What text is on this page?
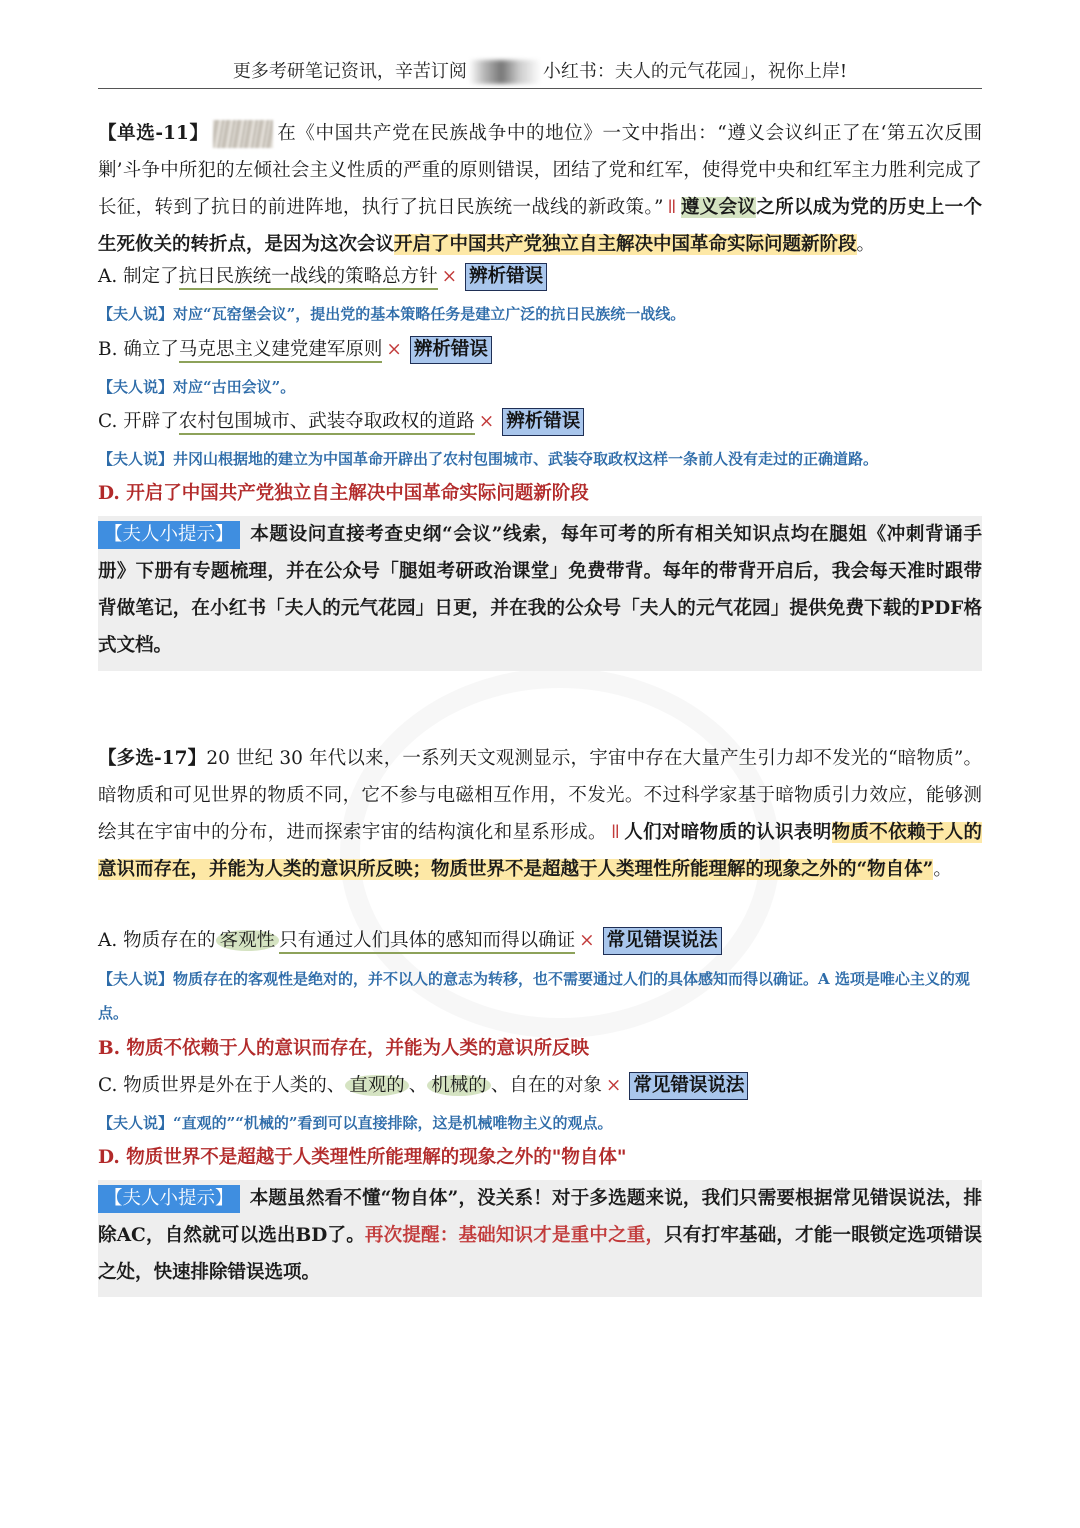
更多考研笔记资讯，辛苦订阅	小红书：夫人的元气花园」，祝你上岸!
【单选-11】	在《中国共产党在民族战争中的地位》一文中指出：“遵义会议纠正了在‘第五次反围剿’斗争中所犯的左倾社会主义性质的严重的原则错误，团结了党和红军，使得党中央和红军主力胜利完成了长征，转到了抗日的前进阵地，执行了抗日民族统一战线的新政策。” ǁ 遵义会议之所以成为党的历史上一个生死攸关的转折点，是因为这次会议开启了中国共产党独立自主解决中国革命实际问题新阶段。
A. 制定了抗日民族统一战线的策略总方针 × 辨析错误
【夫人说】对应“瓦窑堡会议”，提出党的基本策略任务是建立广泛的抗日民族统一战线。
B. 确立了马克思主义建党建军原则 × 辨析错误
【夫人说】对应“古田会议”。
C. 开辟了农村包围城市、武装夺取政权的道路 × 辨析错误
【夫人说】井冈山根据地的建立为中国革命开辟出了农村包围城市、武装夺取政权这样一条前人没有走过的正确道路。
D. 开启了中国共产党独立自主解决中国革命实际问题新阶段
【夫人小提示】 本题设问直接考查史纲“会议”线索，每年可考的所有相关知识点均在腿姐《冲刺背诵手册》下册有专题梳理，并在公众号「腿姐考研政治课堂」免费带背。每年的带背开启后，我会每天准时跟带背做笔记，在小红书「夫人的元气花园」日更，并在我的公众号「夫人的元气花园」提供免费下载的PDF格式文档。
【多选-17】20 世纪 30 年代以来，一系列天文观测显示，宇宙中存在大量产生引力却不发光的“暗物质”。暗物质和可见世界的物质不同，它不参与电磁相互作用，不发光。不过科学家基于暗物质引力效应，能够测绘其在宇宙中的分布，进而探索宇宙的结构演化和星系形成。 ǁ 人们对暗物质的认识表明物质不依赖于人的意识而存在，并能为人类的意识所反映；物质世界不是超越于人类理性所能理解的现象之外的“物自体”。
A. 物质存在的 客观性 只有通过人们具体的感知而得以确证 × 常见错误说法
【夫人说】物质存在的客观性是绝对的，并不以人的意志为转移，也不需要通过人们的具体感知而得以确证。A 选项是唯心主义的观点。
B. 物质不依赖于人的意识而存在，并能为人类的意识所反映
C. 物质世界是外在于人类的、 直观的 、 机械的 、自在的对象 × 常见错误说法
【夫人说】“直观的”“机械的”看到可以直接排除，这是机械唯物主义的观点。
D. 物质世界不是超越于人类理性所能理解的现象之外的"物自体"
【夫人小提示】 本题虽然看不懂“物自体”，没关系！对于多选题来说，我们只需要根据常见错误说法，排除AC，自然就可以选出BD了。再次提醒：基础知识才是重中之重，只有打牢基础，才能一眼锁定选项错误之处，快速排除错误选项。
